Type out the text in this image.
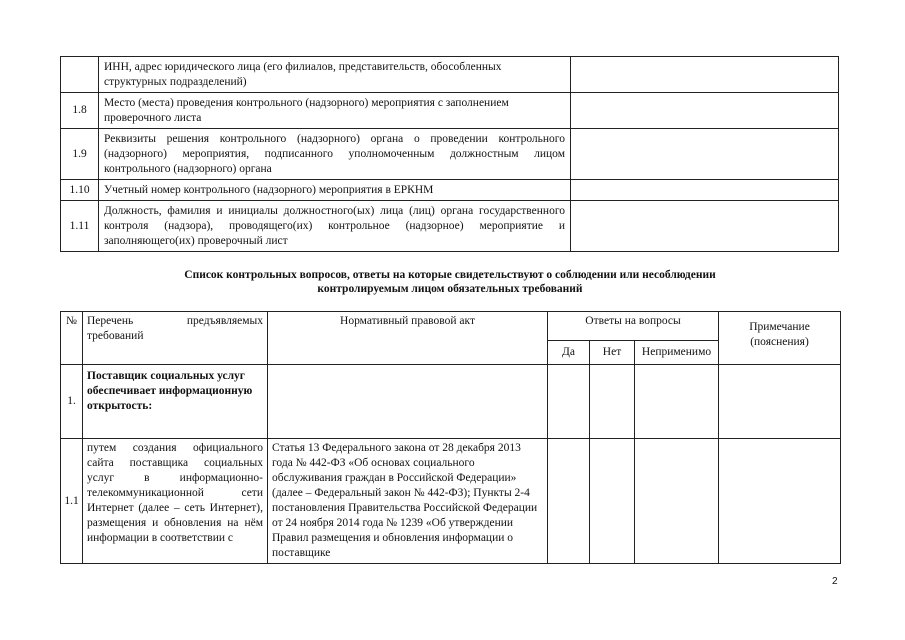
	ИНН, адрес юридического лица (его филиалов, представительств, обособленных структурных подразделений)	
1.8	Место (места) проведения контрольного (надзорного) мероприятия с заполнением проверочного листа	
1.9	Реквизиты решения контрольного (надзорного) органа о проведении контрольного (надзорного) мероприятия, подписанного уполномоченным должностным лицом контрольного (надзорного) органа	
1.10	Учетный номер контрольного (надзорного) мероприятия в ЕРКНМ	
1.11	Должность, фамилия и инициалы должностного(ых) лица (лиц) органа государственного контроля (надзора), проводящего(их) контрольное (надзорное) мероприятие и заполняющего(их) проверочный лист	
Список контрольных вопросов, ответы на которые свидетельствуют о соблюдении или несоблюдении
контролируемым лицом обязательных требований
№	Перечень предъявляемых требований	Нормативный правовой акт	Ответы на вопросы			Примечание (пояснения)
			Да	Нет	Неприменимо	
1.	Поставщик социальных услуг обеспечивает информационную открытость:					
1.1	путем создания официального сайта поставщика социальных услуг в информационно-телекоммуникационной сети Интернет (далее – сеть Интернет), размещения и обновления на нём информации в соответствии с	Статья 13 Федерального закона от 28 декабря 2013 года № 442-ФЗ «Об основах социального обслуживания граждан в Российской Федерации» (далее – Федеральный закон № 442-ФЗ); Пункты 2-4 постановления Правительства Российской Федерации от 24 ноября 2014 года № 1239 «Об утверждении Правил размещения и обновления информации о поставщике				
2
